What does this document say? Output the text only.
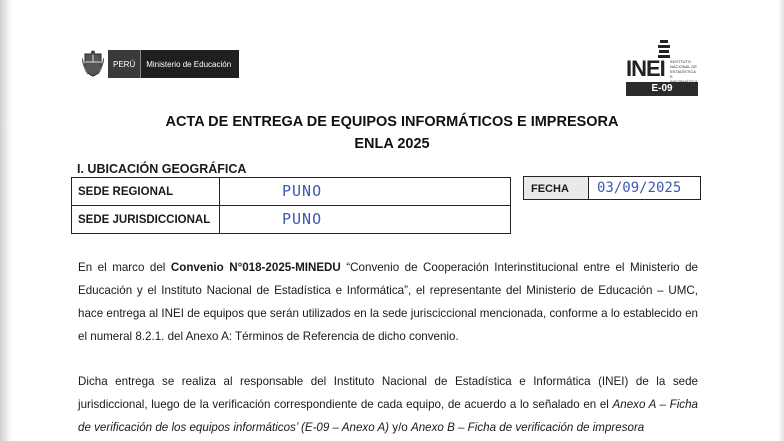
PERÚ	Ministerio de Educación	INEI INSTITUTO NACIONAL DE ESTADÍSTICA E
E-09
ACTA DE ENTREGA DE EQUIPOS INFORMÁTICOS E IMPRESORA
ENLA 2025
I. UBICACIÓN GEOGRÁFICA
SEDE REGIONAL	PUNO
SEDE JURISDICCIONAL	PUNO
FECHA	03/09/2025
En el marco del Convenio N°018-2025-MINEDU “Convenio de Cooperación Interinstitucional entre el Ministerio de Educación y el Instituto Nacional de Estadística e Informática”, el representante del Ministerio de Educación – UMC, hace entrega al INEI de equipos que serán utilizados en la sede jurisciccional mencionada, conforme a lo establecido en el numeral 8.2.1. del Anexo A: Términos de Referencia de dicho convenio.
Dicha entrega se realiza al responsable del Instituto Nacional de Estadística e Informática (INEI) de la sede jurisdiccional, luego de la verificación correspondiente de cada equipo, de acuerdo a lo señalado en el Anexo A – Ficha de verificación de los equipos informáticos’ (E-09 – Anexo A) y/o Anexo B – Ficha de verificación de impresora
